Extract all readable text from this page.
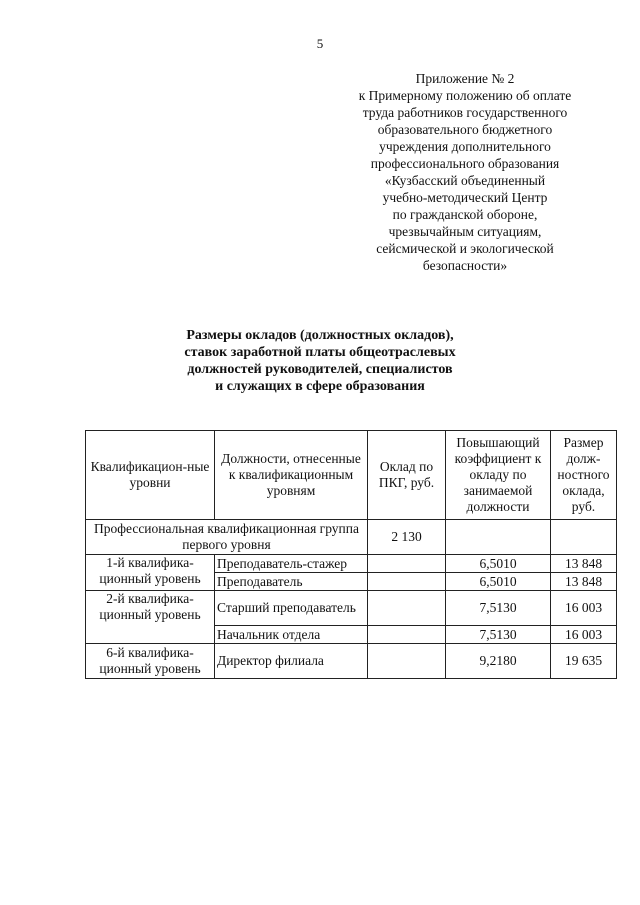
5
Приложение № 2
к Примерному положению об оплате
труда работников государственного
образовательного бюджетного
учреждения дополнительного
профессионального образования
«Кузбасский объединенный
учебно-методический Центр
по гражданской обороне,
чрезвычайным ситуациям,
сейсмической и экологической
безопасности»
Размеры окладов (должностных окладов),
ставок заработной платы общеотраслевых
должностей руководителей, специалистов
и служащих в сфере образования
Квалификацион-ные уровни	Должности, отнесенные к квалификационным уровням	Оклад по ПКГ, руб.	Повышающий коэффициент к окладу по занимаемой должности	Размер долж-ностного оклада, руб.
Профессиональная квалификационная группа первого уровня		2 130		
1-й квалифика-ционный уровень	Преподаватель-стажер		6,5010	13 848
	Преподаватель		6,5010	13 848
2-й квалифика-ционный уровень	Старший преподаватель		7,5130	16 003
	Начальник отдела		7,5130	16 003
6-й квалифика-ционный уровень	Директор филиала		9,2180	19 635
